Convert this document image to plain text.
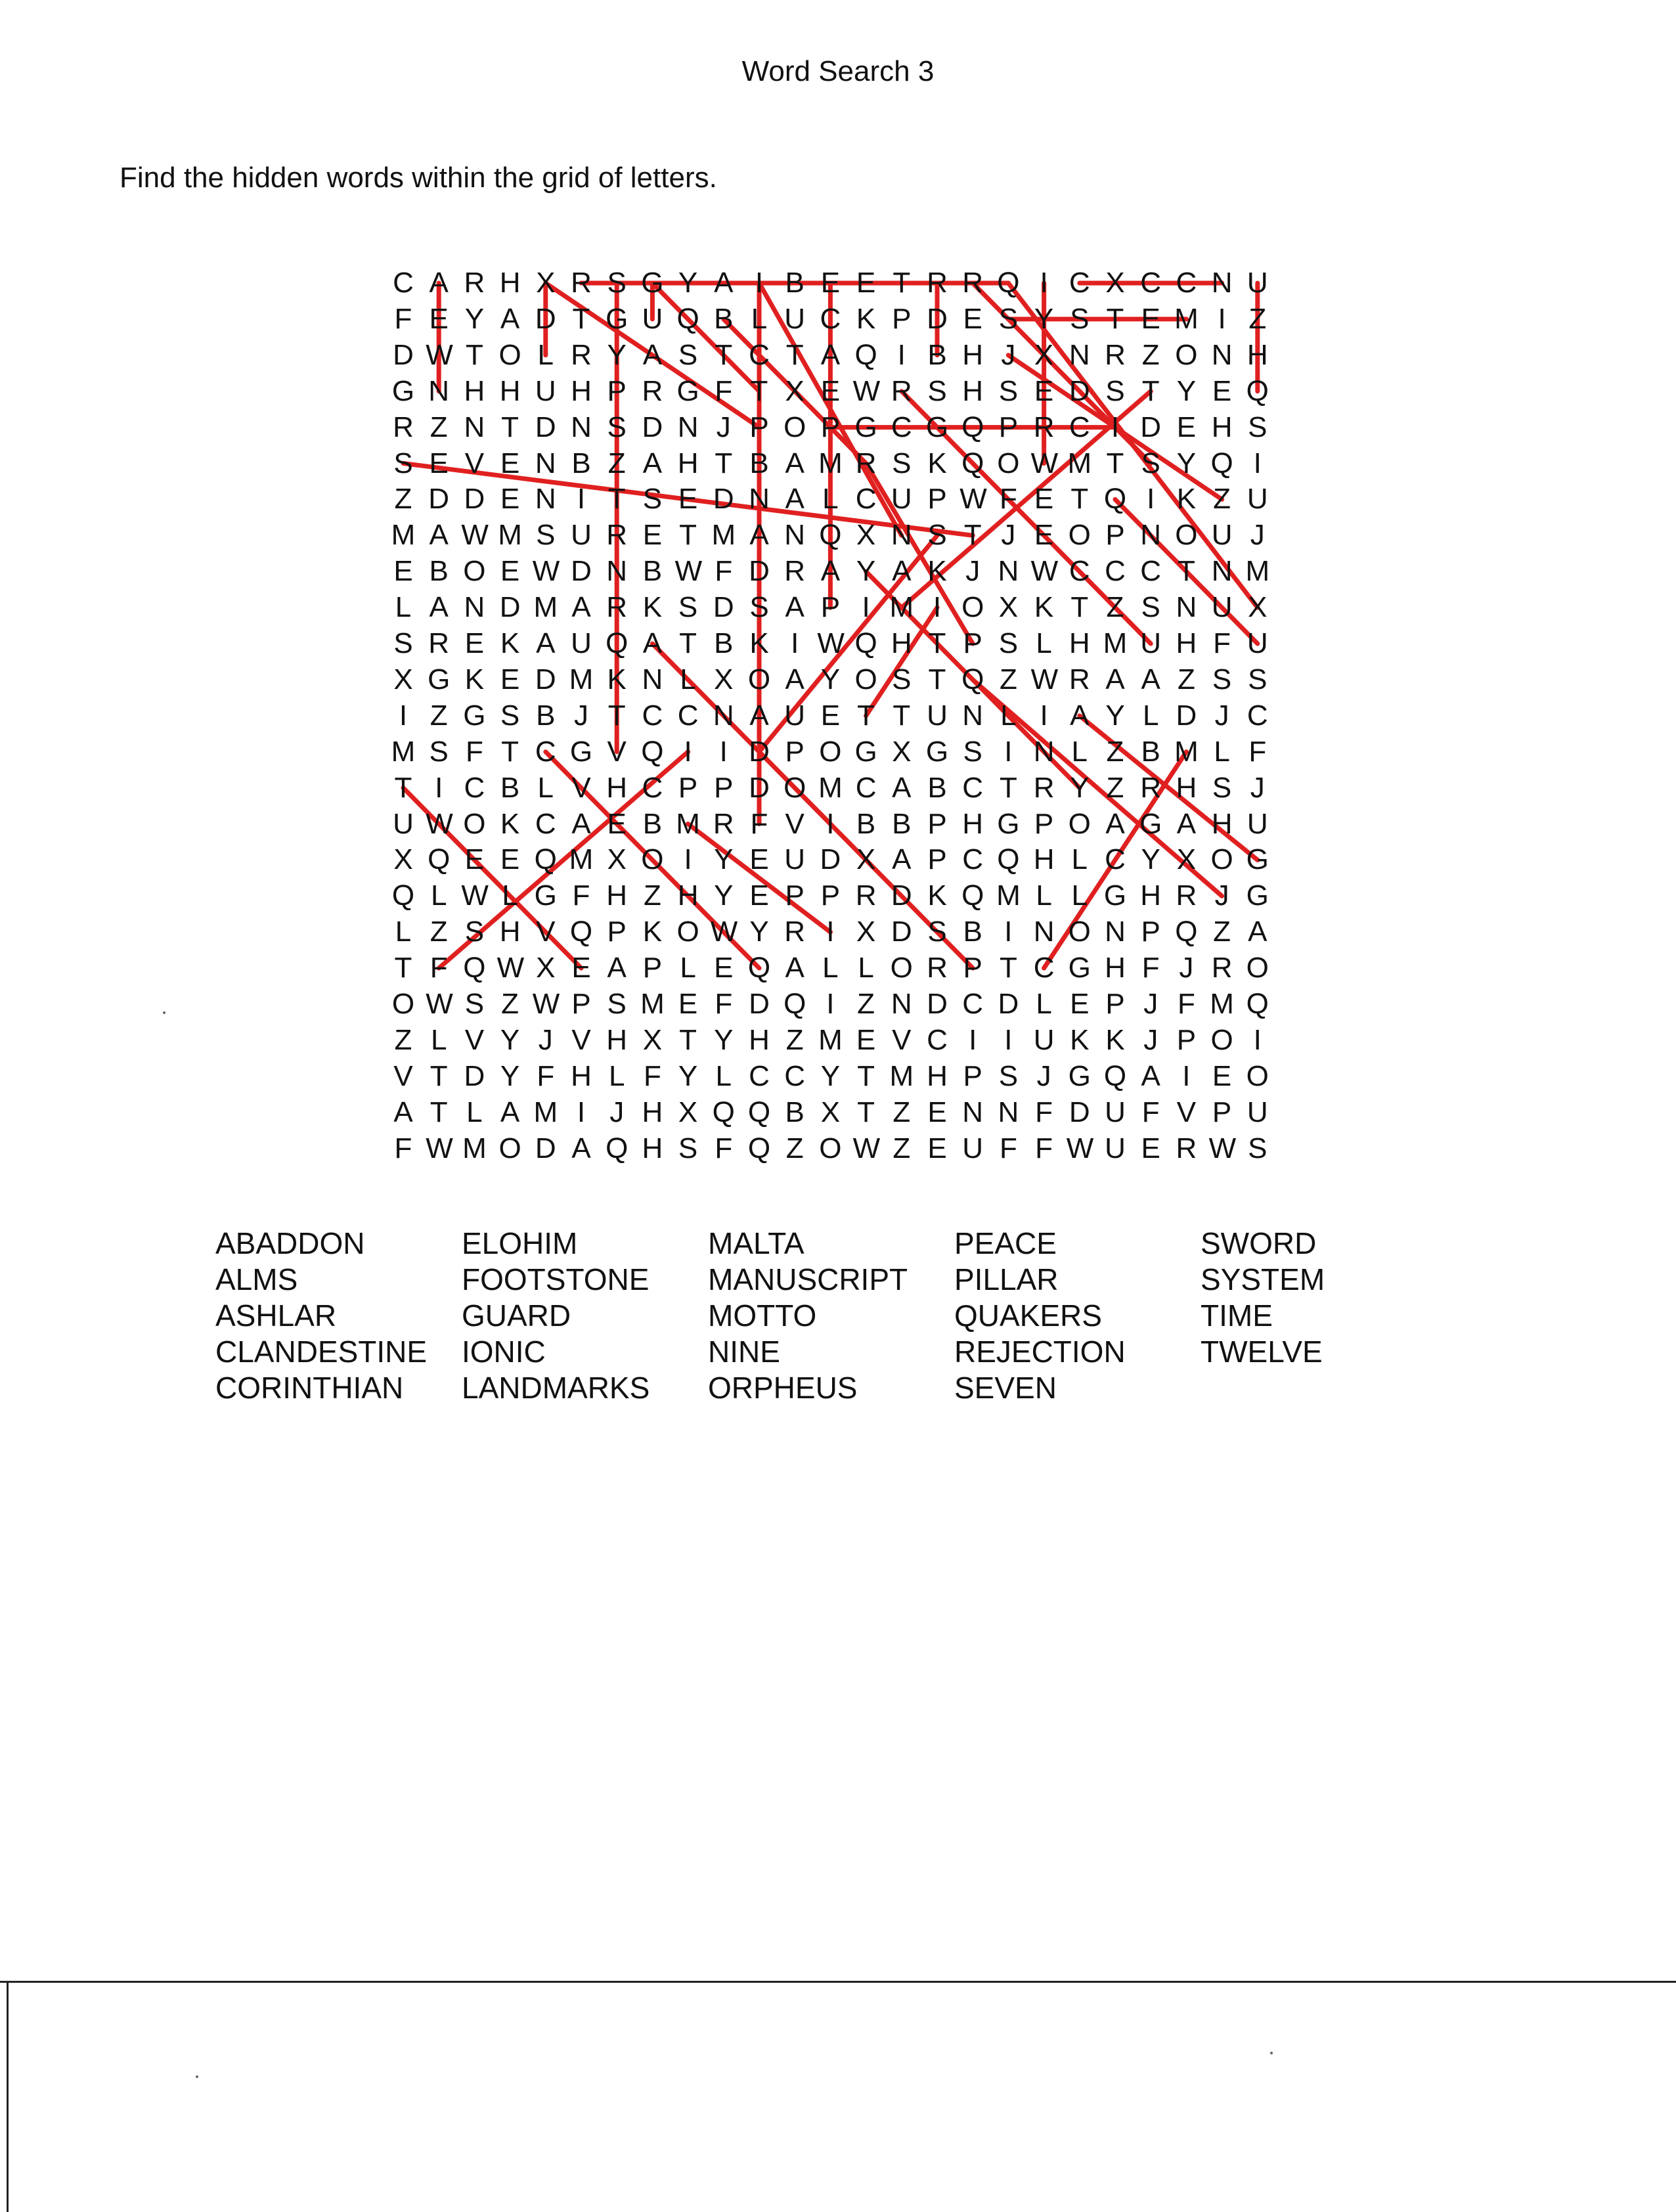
Word Search 3
Find the hidden words within the grid of letters.
C A R H X R S G Y A I B E E T R R Q I C X C C N U
F E Y A D T G U Q B L U C K P D E S Y S T E M I Z
D W T O L R Y A S T C T A Q I B H J X N R Z O N H
G N H H U H P R G F T X E W R S H S E D S T Y E Q
R Z N T D N S D N J P O P G C G Q P R C I D E H S
S E V E N B Z A H T B A M R S K Q O W M T S Y Q I
Z D D E N I T S E D N A L C U P W F E T Q I K Z U
M A W M S U R E T M A N Q X N S T J E O P N O U J
E B O E W D N B W F D R A Y A K J N W C C C T N M
L A N D M A R K S D S A P I M I O X K T Z S N U X
S R E K A U Q A T B K I W Q H T P S L H M U H F U
X G K E D M K N L X O A Y O S T Q Z W R A A Z S S
I Z G S B J T C C N A U E T T U N L I A Y L D J C
M S F T C G V Q I I D P O G X G S I N L Z B M L F
T I C B L V H C P P D O M C A B C T R Y Z R H S J
U W O K C A E B M R F V I B B P H G P O A G A H U
X Q E E Q M X O I Y E U D X A P C Q H L C Y X O G
Q L W L G F H Z H Y E P P R D K Q M L L G H R J G
L Z S H V Q P K O W Y R I X D S B I N O N P Q Z A
T F Q W X E A P L E Q A L L O R P T C G H F J R O
O W S Z W P S M E F D Q I Z N D C D L E P J F M Q
Z L V Y J V H X T Y H Z M E V C I I U K K J P O I
V T D Y F H L F Y L C C Y T M H P S J G Q A I E O
A T L A M I J H X Q Q B X T Z E N N F D U F V P U
F W M O D A Q H S F Q Z O W Z E U F F W U E R W S
ABADDON
ALMS
ASHLAR
CLANDESTINE
CORINTHIAN
ELOHIM
FOOTSTONE
GUARD
IONIC
LANDMARKS
MALTA
MANUSCRIPT
MOTTO
NINE
ORPHEUS
PEACE
PILLAR
QUAKERS
REJECTION
SEVEN
SWORD
SYSTEM
TIME
TWELVE
